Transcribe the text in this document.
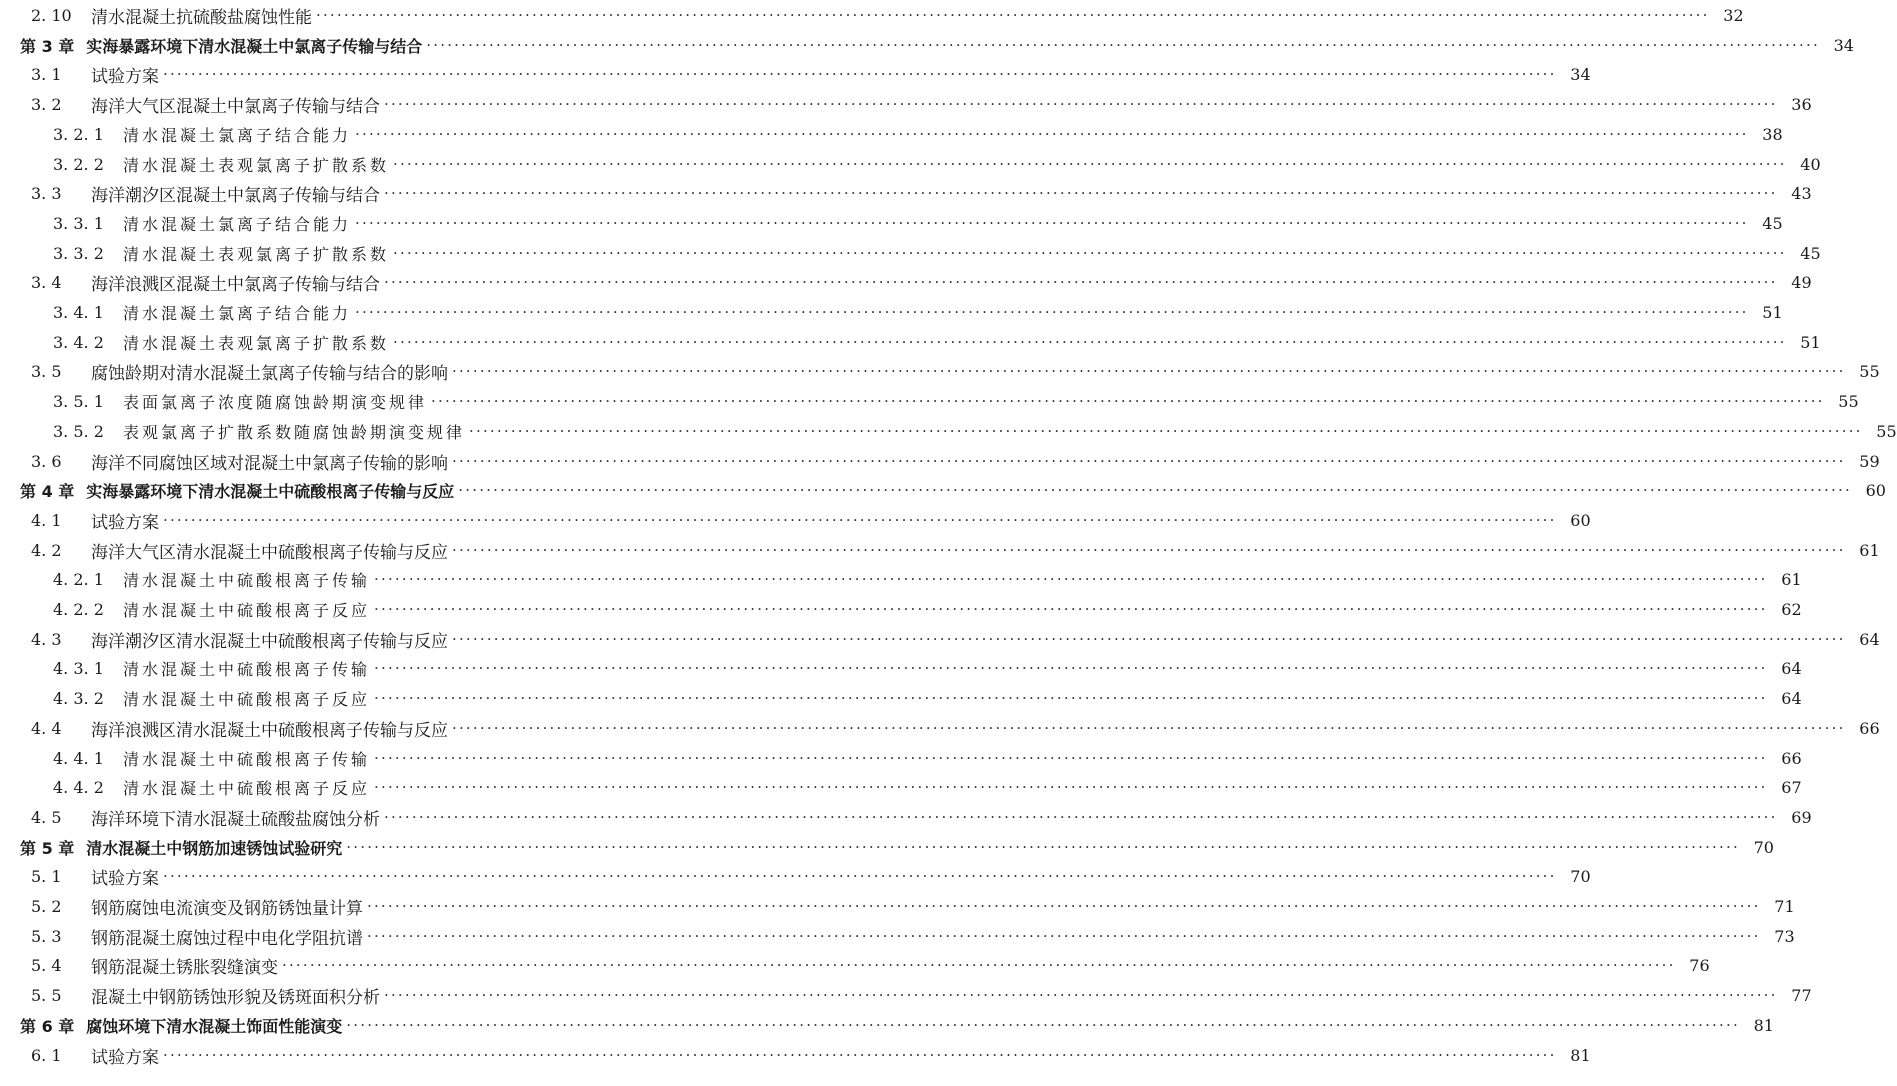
2. 10	清水混凝土抗硫酸盐腐蚀性能 ········································································································································································································ 32
第 3 章 实海暴露环境下清水混凝土中氯离子传输与结合 ········································································································································································································ 34
3. 1	试验方案 ········································································································································································································ 34
3. 2	海洋大气区混凝土中氯离子传输与结合 ········································································································································································································ 36
3. 2. 1	清水混凝土氯离子结合能力 ········································································································································································································ 38
3. 2. 2	清水混凝土表观氯离子扩散系数 ········································································································································································································ 40
3. 3	海洋潮汐区混凝土中氯离子传输与结合 ········································································································································································································ 43
3. 3. 1	清水混凝土氯离子结合能力 ········································································································································································································ 45
3. 3. 2	清水混凝土表观氯离子扩散系数 ········································································································································································································ 45
3. 4	海洋浪溅区混凝土中氯离子传输与结合 ········································································································································································································ 49
3. 4. 1	清水混凝土氯离子结合能力 ········································································································································································································ 51
3. 4. 2	清水混凝土表观氯离子扩散系数 ········································································································································································································ 51
3. 5	腐蚀龄期对清水混凝土氯离子传输与结合的影响 ········································································································································································································ 55
3. 5. 1	表面氯离子浓度随腐蚀龄期演变规律 ········································································································································································································ 55
3. 5. 2	表观氯离子扩散系数随腐蚀龄期演变规律 ········································································································································································································ 55
3. 6	海洋不同腐蚀区域对混凝土中氯离子传输的影响 ········································································································································································································ 59
第 4 章 实海暴露环境下清水混凝土中硫酸根离子传输与反应 ········································································································································································································ 60
4. 1	试验方案 ········································································································································································································ 60
4. 2	海洋大气区清水混凝土中硫酸根离子传输与反应 ········································································································································································································ 61
4. 2. 1	清水混凝土中硫酸根离子传输 ········································································································································································································ 61
4. 2. 2	清水混凝土中硫酸根离子反应 ········································································································································································································ 62
4. 3	海洋潮汐区清水混凝土中硫酸根离子传输与反应 ········································································································································································································ 64
4. 3. 1	清水混凝土中硫酸根离子传输 ········································································································································································································ 64
4. 3. 2	清水混凝土中硫酸根离子反应 ········································································································································································································ 64
4. 4	海洋浪溅区清水混凝土中硫酸根离子传输与反应 ········································································································································································································ 66
4. 4. 1	清水混凝土中硫酸根离子传输 ········································································································································································································ 66
4. 4. 2	清水混凝土中硫酸根离子反应 ········································································································································································································ 67
4. 5	海洋环境下清水混凝土硫酸盐腐蚀分析 ········································································································································································································ 69
第 5 章 清水混凝土中钢筋加速锈蚀试验研究 ········································································································································································································ 70
5. 1	试验方案 ········································································································································································································ 70
5. 2	钢筋腐蚀电流演变及钢筋锈蚀量计算 ········································································································································································································ 71
5. 3	钢筋混凝土腐蚀过程中电化学阻抗谱 ········································································································································································································ 73
5. 4	钢筋混凝土锈胀裂缝演变 ········································································································································································································ 76
5. 5	混凝土中钢筋锈蚀形貌及锈斑面积分析 ········································································································································································································ 77
第 6 章 腐蚀环境下清水混凝土饰面性能演变 ········································································································································································································ 81
6. 1	试验方案 ········································································································································································································ 81
